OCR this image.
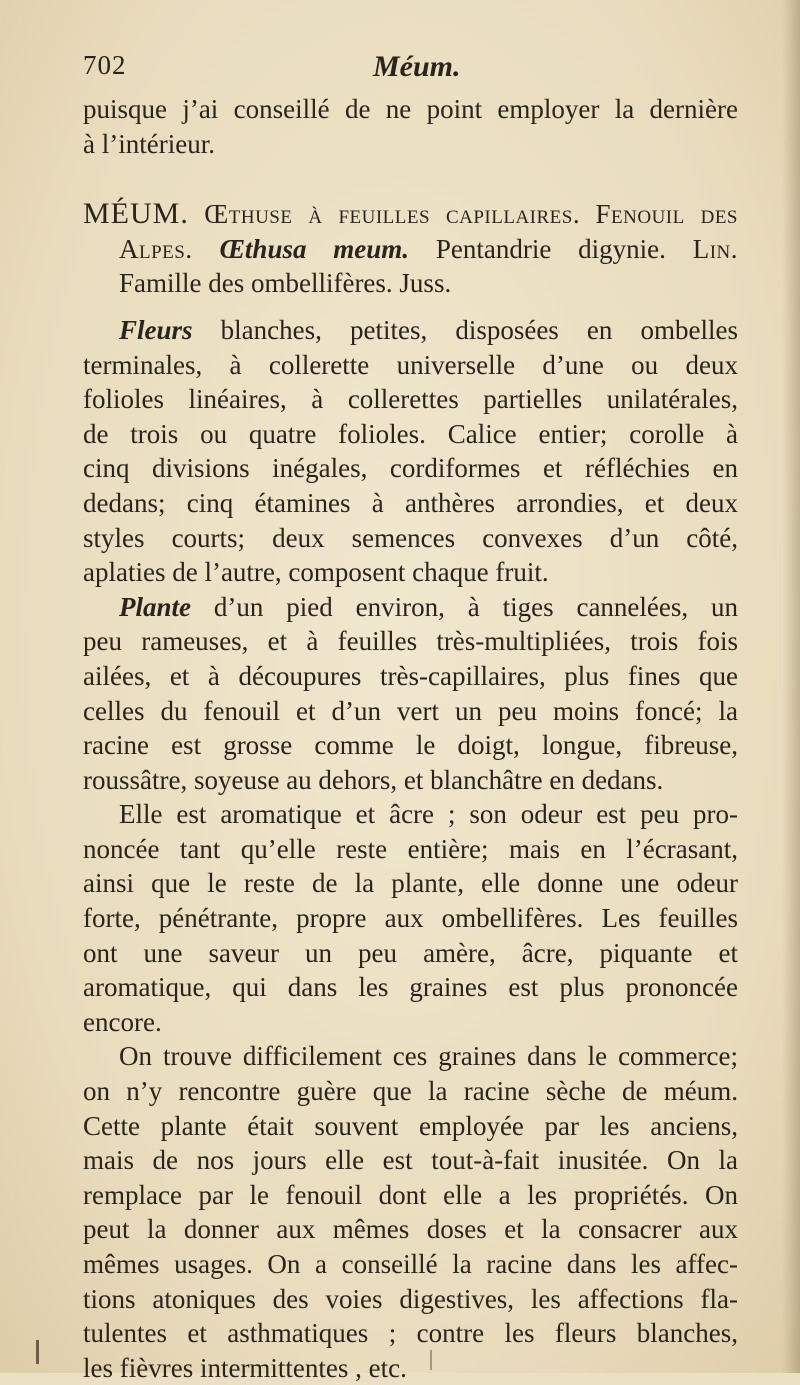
702	Méum.
puisque j’ai conseillé de ne point employer la dernière
à l’intérieur.
MÉUM. Œthuse à feuilles capillaires. Fenouil des
Alpes. Œthusa meum. Pentandrie digynie. Lin.
Famille des ombellifères. Juss.
Fleurs blanches, petites, disposées en ombelles
terminales, à collerette universelle d’une ou deux
folioles linéaires, à collerettes partielles unilatérales,
de trois ou quatre folioles. Calice entier; corolle à
cinq divisions inégales, cordiformes et réfléchies en
dedans; cinq étamines à anthères arrondies, et deux
styles courts; deux semences convexes d’un côté,
aplaties de l’autre, composent chaque fruit.
Plante d’un pied environ, à tiges cannelées, un
peu rameuses, et à feuilles très-multipliées, trois fois
ailées, et à découpures très-capillaires, plus fines que
celles du fenouil et d’un vert un peu moins foncé; la
racine est grosse comme le doigt, longue, fibreuse,
roussâtre, soyeuse au dehors, et blanchâtre en dedans.
Elle est aromatique et âcre ; son odeur est peu pro-
noncée tant qu’elle reste entière; mais en l’écrasant,
ainsi que le reste de la plante, elle donne une odeur
forte, pénétrante, propre aux ombellifères. Les feuilles
ont une saveur un peu amère, âcre, piquante et
aromatique, qui dans les graines est plus prononcée
encore.
On trouve difficilement ces graines dans le commerce;
on n’y rencontre guère que la racine sèche de méum.
Cette plante était souvent employée par les anciens,
mais de nos jours elle est tout-à-fait inusitée. On la
remplace par le fenouil dont elle a les propriétés. On
peut la donner aux mêmes doses et la consacrer aux
mêmes usages. On a conseillé la racine dans les affec-
tions atoniques des voies digestives, les affections fla-
tulentes et asthmatiques ; contre les fleurs blanches,
les fièvres intermittentes , etc.
